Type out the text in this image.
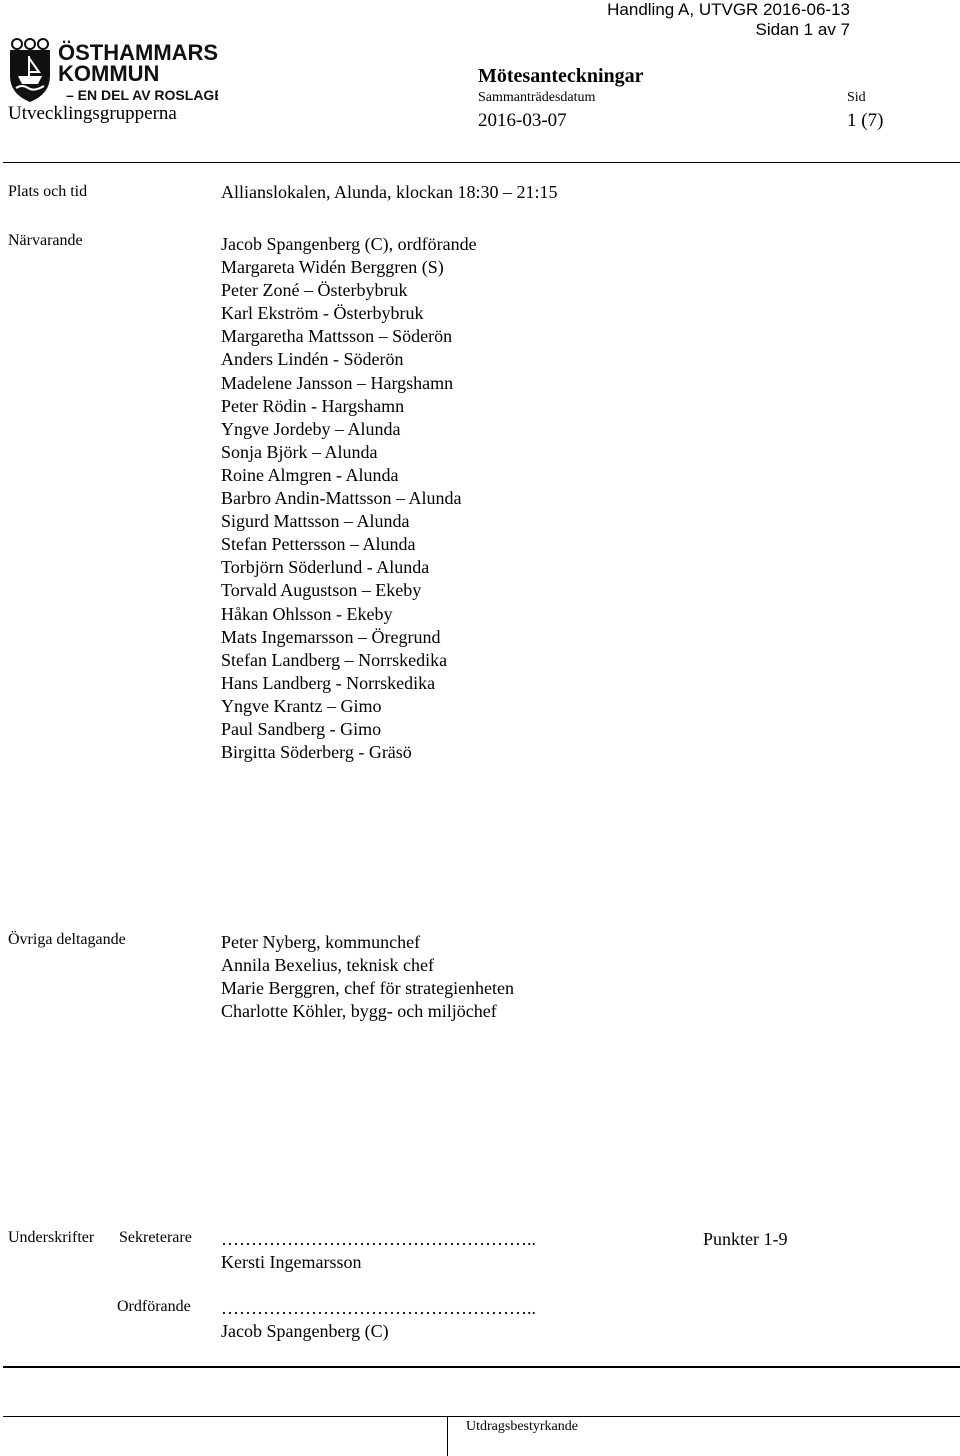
Handling A, UTVGR 2016-06-13
Sidan 1 av 7
ÖSTHAMMARS
KOMMUN
– EN DEL AV ROSLAGEN
Utvecklingsgrupperna
Mötesanteckningar
Sammanträdesdatum	Sid
2016-03-07	1 (7)
Plats och tid	Allianslokalen, Alunda, klockan 18:30 – 21:15
Närvarande	Jacob Spangenberg (C), ordförande
Margareta Widén Berggren (S)
Peter Zoné – Österbybruk
Karl Ekström - Österbybruk
Margaretha Mattsson – Söderön
Anders Lindén - Söderön
Madelene Jansson – Hargshamn
Peter Rödin - Hargshamn
Yngve Jordeby – Alunda
Sonja Björk – Alunda
Roine Almgren - Alunda
Barbro Andin-Mattsson – Alunda
Sigurd Mattsson – Alunda
Stefan Pettersson – Alunda
Torbjörn Söderlund - Alunda
Torvald Augustson – Ekeby
Håkan Ohlsson - Ekeby
Mats Ingemarsson – Öregrund
Stefan Landberg – Norrskedika
Hans Landberg - Norrskedika
Yngve Krantz – Gimo
Paul Sandberg - Gimo
Birgitta Söderberg - Gräsö
Övriga deltagande	Peter Nyberg, kommunchef
Annila Bexelius, teknisk chef
Marie Berggren, chef för strategienheten
Charlotte Köhler, bygg- och miljöchef
Underskrifter Sekreterare ……………………………………………..	Punkter 1-9
Kersti Ingemarsson
Ordförande ……………………………………………..
Jacob Spangenberg (C)
Utdragsbestyrkande
